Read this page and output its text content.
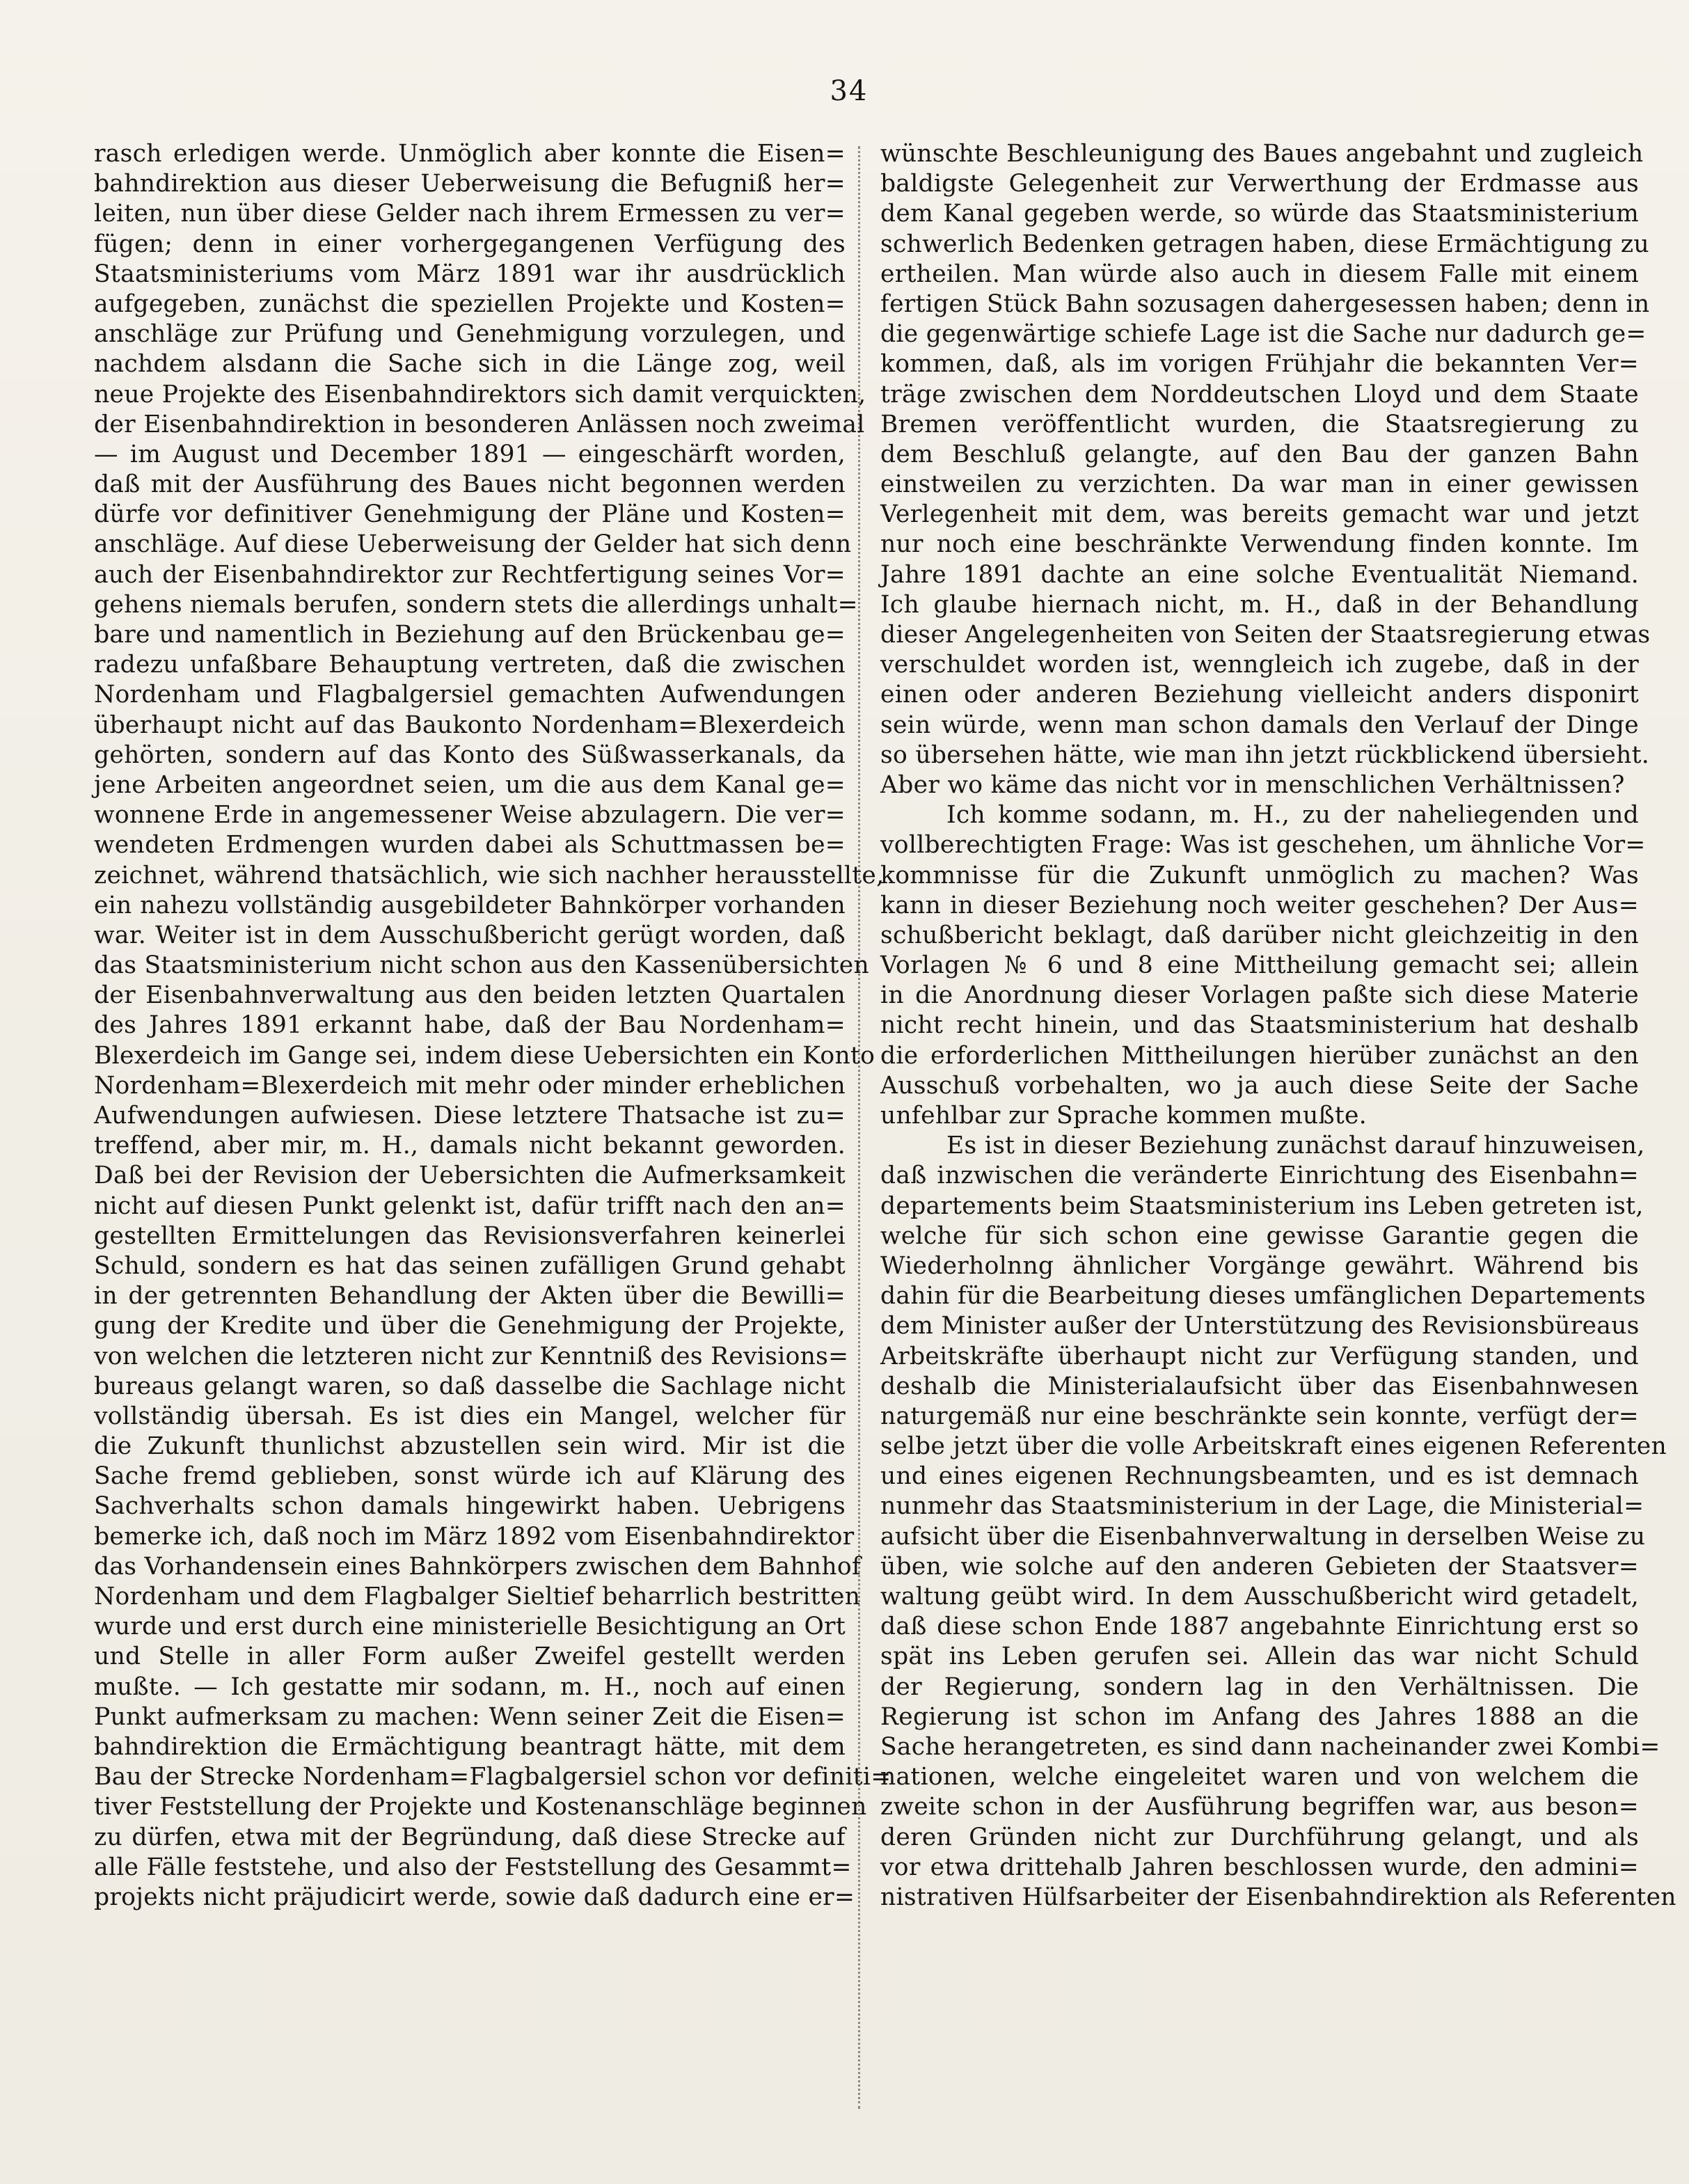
34
rasch erledigen werde. Unmöglich aber konnte die Eisen=
bahndirektion aus dieser Ueberweisung die Befugniß her=
leiten, nun über diese Gelder nach ihrem Ermessen zu ver=
fügen; denn in einer vorhergegangenen Verfügung des
Staatsministeriums vom März 1891 war ihr ausdrücklich
aufgegeben, zunächst die speziellen Projekte und Kosten=
anschläge zur Prüfung und Genehmigung vorzulegen, und
nachdem alsdann die Sache sich in die Länge zog, weil
neue Projekte des Eisenbahndirektors sich damit verquickten,
der Eisenbahndirektion in besonderen Anlässen noch zweimal
— im August und December 1891 — eingeschärft worden,
daß mit der Ausführung des Baues nicht begonnen werden
dürfe vor definitiver Genehmigung der Pläne und Kosten=
anschläge. Auf diese Ueberweisung der Gelder hat sich denn
auch der Eisenbahndirektor zur Rechtfertigung seines Vor=
gehens niemals berufen, sondern stets die allerdings unhalt=
bare und namentlich in Beziehung auf den Brückenbau ge=
radezu unfaßbare Behauptung vertreten, daß die zwischen
Nordenham und Flagbalgersiel gemachten Aufwendungen
überhaupt nicht auf das Baukonto Nordenham=Blexerdeich
gehörten, sondern auf das Konto des Süßwasserkanals, da
jene Arbeiten angeordnet seien, um die aus dem Kanal ge=
wonnene Erde in angemessener Weise abzulagern. Die ver=
wendeten Erdmengen wurden dabei als Schuttmassen be=
zeichnet, während thatsächlich, wie sich nachher herausstellte,
ein nahezu vollständig ausgebildeter Bahnkörper vorhanden
war. Weiter ist in dem Ausschußbericht gerügt worden, daß
das Staatsministerium nicht schon aus den Kassenübersichten
der Eisenbahnverwaltung aus den beiden letzten Quartalen
des Jahres 1891 erkannt habe, daß der Bau Nordenham=
Blexerdeich im Gange sei, indem diese Uebersichten ein Konto
Nordenham=Blexerdeich mit mehr oder minder erheblichen
Aufwendungen aufwiesen. Diese letztere Thatsache ist zu=
treffend, aber mir, m. H., damals nicht bekannt geworden.
Daß bei der Revision der Uebersichten die Aufmerksamkeit
nicht auf diesen Punkt gelenkt ist, dafür trifft nach den an=
gestellten Ermittelungen das Revisionsverfahren keinerlei
Schuld, sondern es hat das seinen zufälligen Grund gehabt
in der getrennten Behandlung der Akten über die Bewilli=
gung der Kredite und über die Genehmigung der Projekte,
von welchen die letzteren nicht zur Kenntniß des Revisions=
bureaus gelangt waren, so daß dasselbe die Sachlage nicht
vollständig übersah. Es ist dies ein Mangel, welcher für
die Zukunft thunlichst abzustellen sein wird. Mir ist die
Sache fremd geblieben, sonst würde ich auf Klärung des
Sachverhalts schon damals hingewirkt haben. Uebrigens
bemerke ich, daß noch im März 1892 vom Eisenbahndirektor
das Vorhandensein eines Bahnkörpers zwischen dem Bahnhof
Nordenham und dem Flagbalger Sieltief beharrlich bestritten
wurde und erst durch eine ministerielle Besichtigung an Ort
und Stelle in aller Form außer Zweifel gestellt werden
mußte. — Ich gestatte mir sodann, m. H., noch auf einen
Punkt aufmerksam zu machen: Wenn seiner Zeit die Eisen=
bahndirektion die Ermächtigung beantragt hätte, mit dem
Bau der Strecke Nordenham=Flagbalgersiel schon vor definiti=
tiver Feststellung der Projekte und Kostenanschläge beginnen
zu dürfen, etwa mit der Begründung, daß diese Strecke auf
alle Fälle feststehe, und also der Feststellung des Gesammt=
projekts nicht präjudicirt werde, sowie daß dadurch eine er=
wünschte Beschleunigung des Baues angebahnt und zugleich
baldigste Gelegenheit zur Verwerthung der Erdmasse aus
dem Kanal gegeben werde, so würde das Staatsministerium
schwerlich Bedenken getragen haben, diese Ermächtigung zu
ertheilen. Man würde also auch in diesem Falle mit einem
fertigen Stück Bahn sozusagen dahergesessen haben; denn in
die gegenwärtige schiefe Lage ist die Sache nur dadurch ge=
kommen, daß, als im vorigen Frühjahr die bekannten Ver=
träge zwischen dem Norddeutschen Lloyd und dem Staate
Bremen veröffentlicht wurden, die Staatsregierung zu
dem Beschluß gelangte, auf den Bau der ganzen Bahn
einstweilen zu verzichten. Da war man in einer gewissen
Verlegenheit mit dem, was bereits gemacht war und jetzt
nur noch eine beschränkte Verwendung finden konnte. Im
Jahre 1891 dachte an eine solche Eventualität Niemand.
Ich glaube hiernach nicht, m. H., daß in der Behandlung
dieser Angelegenheiten von Seiten der Staatsregierung etwas
verschuldet worden ist, wenngleich ich zugebe, daß in der
einen oder anderen Beziehung vielleicht anders disponirt
sein würde, wenn man schon damals den Verlauf der Dinge
so übersehen hätte, wie man ihn jetzt rückblickend übersieht.
Aber wo käme das nicht vor in menschlichen Verhältnissen?
Ich komme sodann, m. H., zu der naheliegenden und
vollberechtigten Frage: Was ist geschehen, um ähnliche Vor=
kommnisse für die Zukunft unmöglich zu machen? Was
kann in dieser Beziehung noch weiter geschehen? Der Aus=
schußbericht beklagt, daß darüber nicht gleichzeitig in den
Vorlagen № 6 und 8 eine Mittheilung gemacht sei; allein
in die Anordnung dieser Vorlagen paßte sich diese Materie
nicht recht hinein, und das Staatsministerium hat deshalb
die erforderlichen Mittheilungen hierüber zunächst an den
Ausschuß vorbehalten, wo ja auch diese Seite der Sache
unfehlbar zur Sprache kommen mußte.
Es ist in dieser Beziehung zunächst darauf hinzuweisen,
daß inzwischen die veränderte Einrichtung des Eisenbahn=
departements beim Staatsministerium ins Leben getreten ist,
welche für sich schon eine gewisse Garantie gegen die
Wiederholnng ähnlicher Vorgänge gewährt. Während bis
dahin für die Bearbeitung dieses umfänglichen Departements
dem Minister außer der Unterstützung des Revisionsbüreaus
Arbeitskräfte überhaupt nicht zur Verfügung standen, und
deshalb die Ministerialaufsicht über das Eisenbahnwesen
naturgemäß nur eine beschränkte sein konnte, verfügt der=
selbe jetzt über die volle Arbeitskraft eines eigenen Referenten
und eines eigenen Rechnungsbeamten, und es ist demnach
nunmehr das Staatsministerium in der Lage, die Ministerial=
aufsicht über die Eisenbahnverwaltung in derselben Weise zu
üben, wie solche auf den anderen Gebieten der Staatsver=
waltung geübt wird. In dem Ausschußbericht wird getadelt,
daß diese schon Ende 1887 angebahnte Einrichtung erst so
spät ins Leben gerufen sei. Allein das war nicht Schuld
der Regierung, sondern lag in den Verhältnissen. Die
Regierung ist schon im Anfang des Jahres 1888 an die
Sache herangetreten, es sind dann nacheinander zwei Kombi=
nationen, welche eingeleitet waren und von welchem die
zweite schon in der Ausführung begriffen war, aus beson=
deren Gründen nicht zur Durchführung gelangt, und als
vor etwa drittehalb Jahren beschlossen wurde, den admini=
nistrativen Hülfsarbeiter der Eisenbahndirektion als Referenten
